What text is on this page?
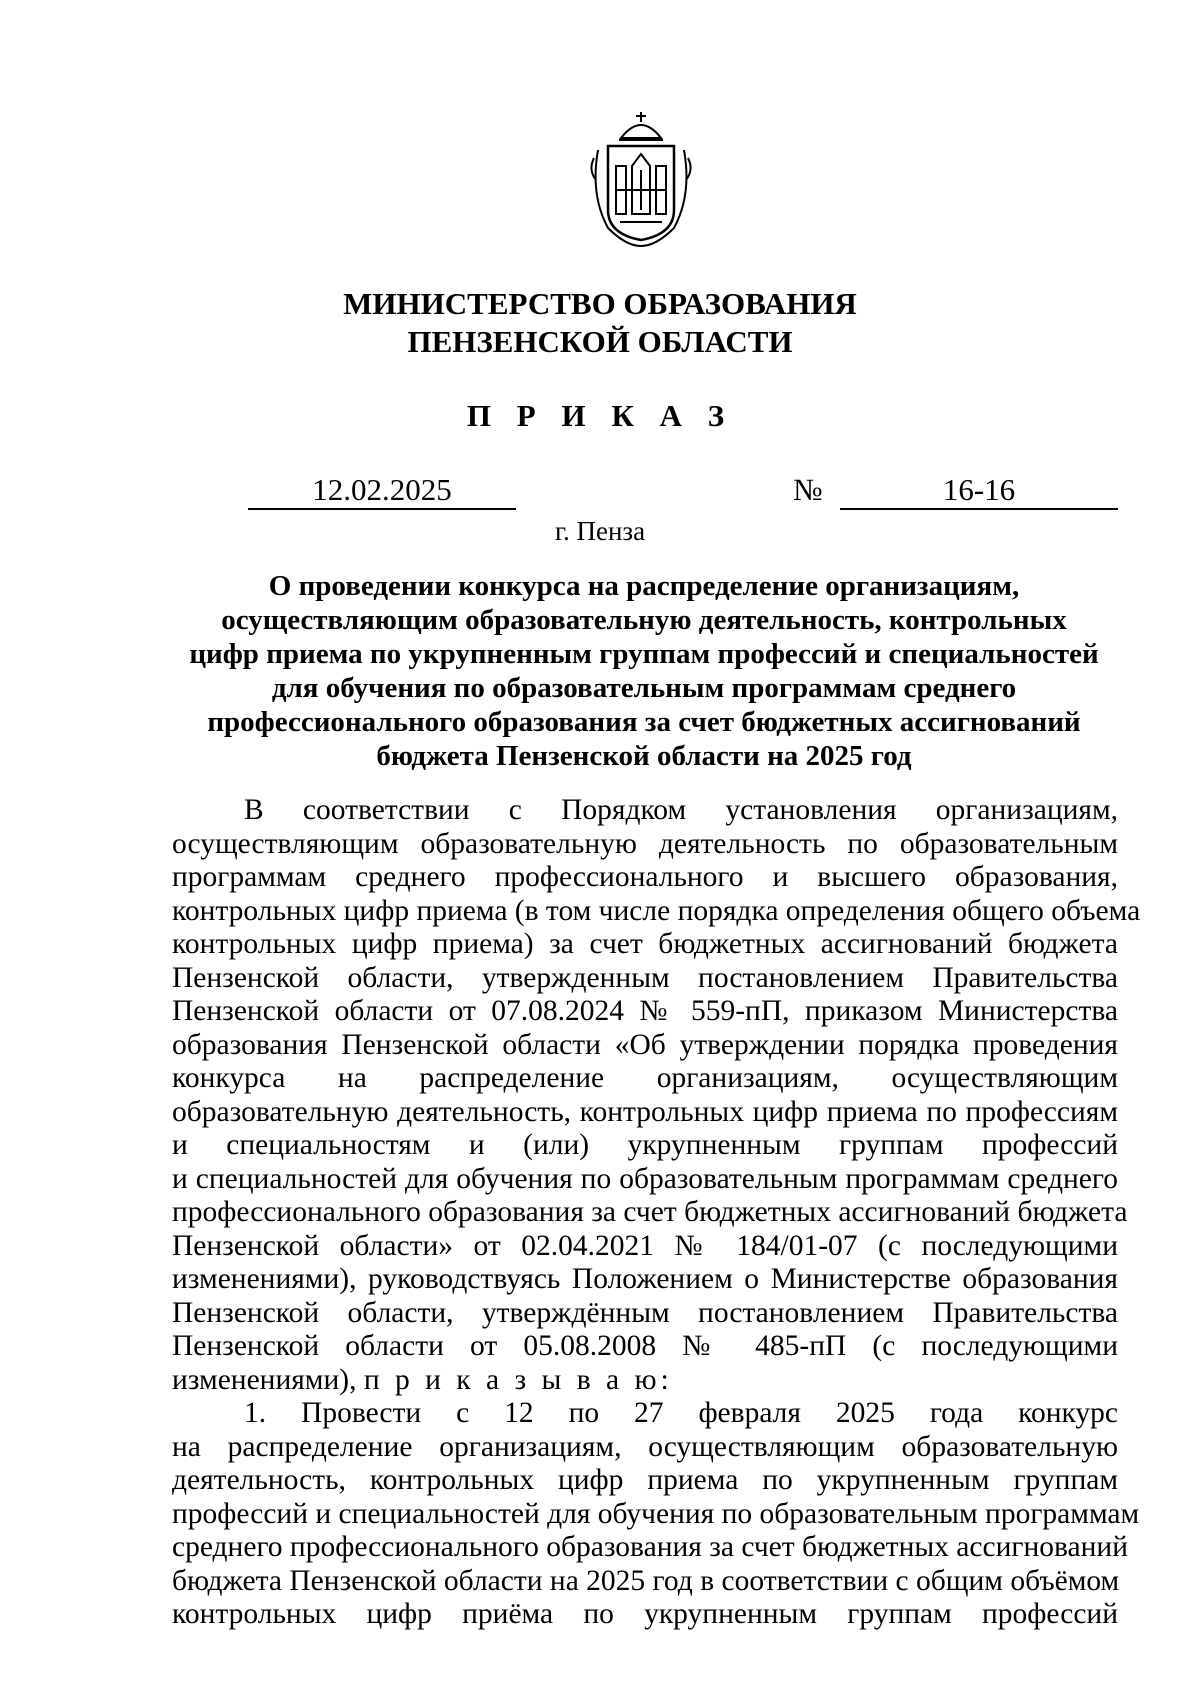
МИНИСТЕРСТВО ОБРАЗОВАНИЯ
ПЕНЗЕНСКОЙ ОБЛАСТИ
П Р И К А З
12.02.2025	№	16-16
г. Пенза
О проведении конкурса на распределение организациям,
осуществляющим образовательную деятельность, контрольных
цифр приема по укрупненным группам профессий и специальностей
для обучения по образовательным программам среднего
профессионального образования за счет бюджетных ассигнований
бюджета Пензенской области на 2025 год
В соответствии с Порядком установления организациям,
осуществляющим образовательную деятельность по образовательным
программам среднего профессионального и высшего образования,
контрольных цифр приема (в том числе порядка определения общего объема
контрольных цифр приема) за счет бюджетных ассигнований бюджета
Пензенской области, утвержденным постановлением Правительства
Пензенской области от 07.08.2024 № 559-пП, приказом Министерства
образования Пензенской области «Об утверждении порядка проведения
конкурса на распределение организациям, осуществляющим
образовательную деятельность, контрольных цифр приема по профессиям
и специальностям и (или) укрупненным группам профессий
и специальностей для обучения по образовательным программам среднего
профессионального образования за счет бюджетных ассигнований бюджета
Пензенской области» от 02.04.2021 № 184/01-07 (с последующими
изменениями), руководствуясь Положением о Министерстве образования
Пензенской области, утверждённым постановлением Правительства
Пензенской области от 05.08.2008 № 485-пП (с последующими
изменениями), п р и к а з ы в а ю:
1. Провести с 12 по 27 февраля 2025 года конкурс
на распределение организациям, осуществляющим образовательную
деятельность, контрольных цифр приема по укрупненным группам
профессий и специальностей для обучения по образовательным программам
среднего профессионального образования за счет бюджетных ассигнований
бюджета Пензенской области на 2025 год в соответствии с общим объёмом
контрольных цифр приёма по укрупненным группам профессий
